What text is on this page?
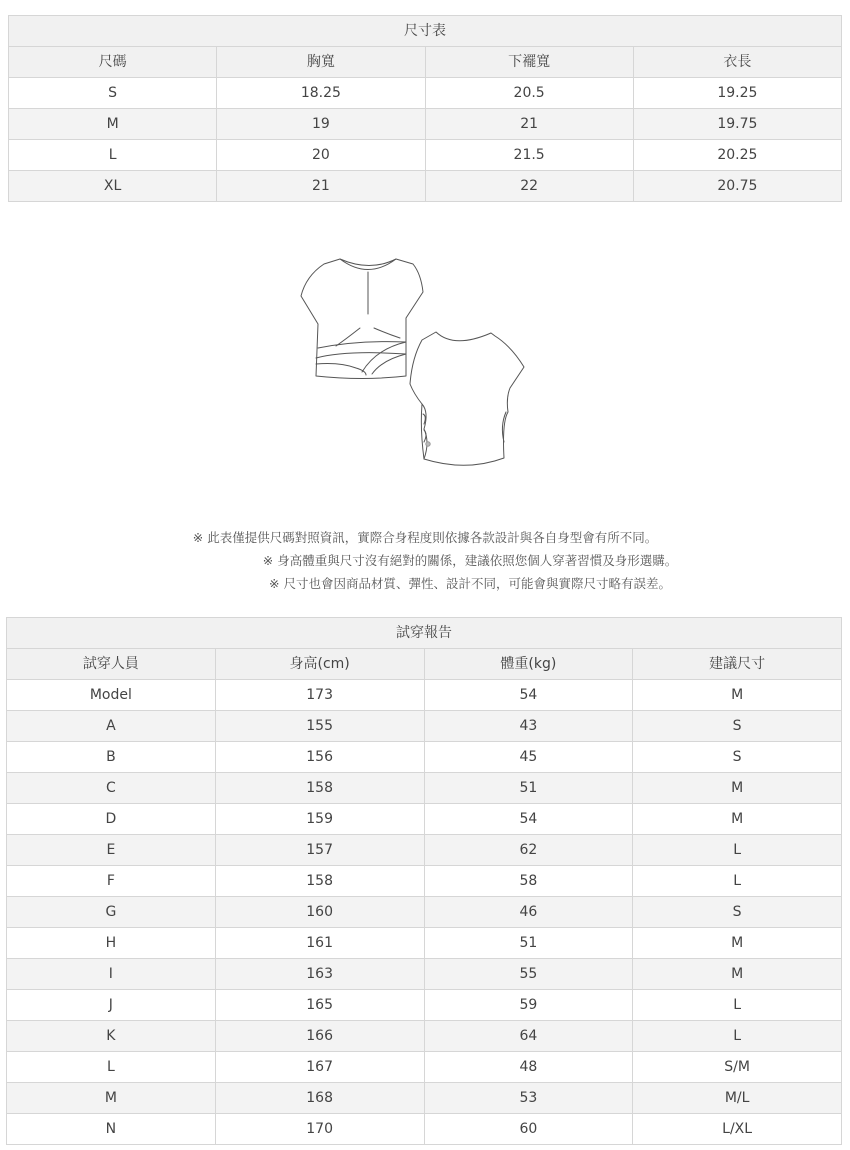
尺寸表			
尺碼	胸寬	下襬寬	衣長
S	18.25	20.5	19.25
M	19	21	19.75
L	20	21.5	20.25
XL	21	22	20.75
※ 此表僅提供尺碼對照資訊，實際合身程度則依據各款設計與各自身型會有所不同。
※ 身高體重與尺寸沒有絕對的關係，建議依照您個人穿著習慣及身形選購。
※ 尺寸也會因商品材質、彈性、設計不同，可能會與實際尺寸略有誤差。
試穿報告			
試穿人員	身高(cm)	體重(kg)	建議尺寸
Model	173	54	M
A	155	43	S
B	156	45	S
C	158	51	M
D	159	54	M
E	157	62	L
F	158	58	L
G	160	46	S
H	161	51	M
I	163	55	M
J	165	59	L
K	166	64	L
L	167	48	S/M
M	168	53	M/L
N	170	60	L/XL
